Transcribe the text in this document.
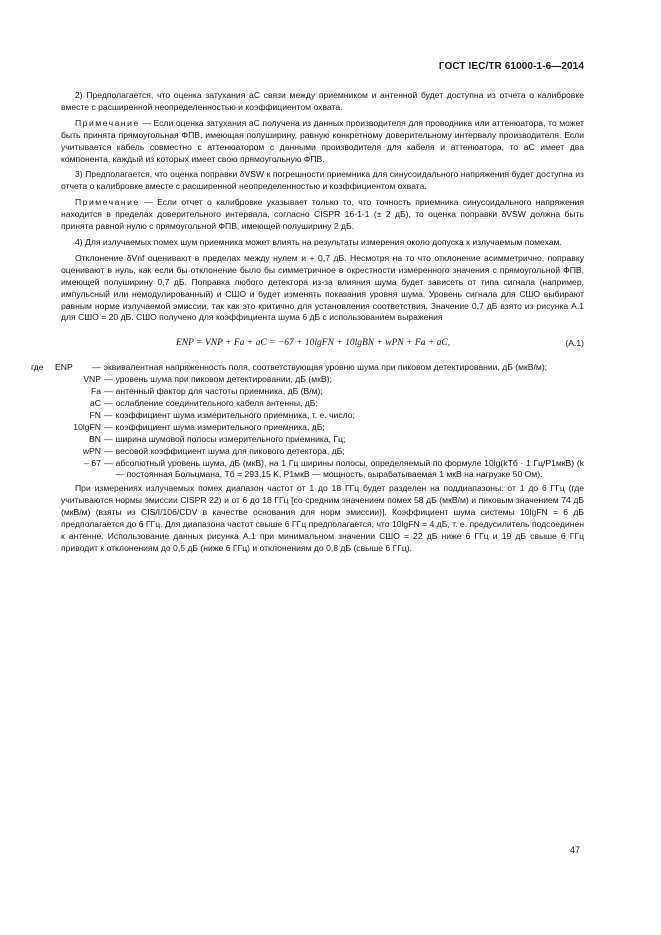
ГОСТ IEC/TR 61000-1-6—2014

2) Предполагается, что оценка затухания aC связи между приемником и антенной будет доступна из отчета о калибровке вместе с расширенной неопределенностью и коэффициентом охвата.

Примечание — Если оценка затухания aC получена из данных производителя для проводника или аттенюатора, то может быть принята прямоугольная ФПВ, имеющая полуширину, равную конкретному доверительному интервалу производителя. Если учитывается кабель совместно с аттенюатором с данными производителя для кабеля и аттенюатора, то aC имеет два компонента, каждый из которых имеет свою прямоугольную ФПВ.

3) Предполагается, что оценка поправки δVSW к погрешности приемника для синусоидального напряжения будет доступна из отчета о калибровке вместе с расширенной неопределенностью и коэффициентом охвата.

Примечание — Если отчет о калибровке указывает только то, что точность приемника синусоидального напряжения находится в пределах доверительного интервала, согласно CISPR 16-1-1 (± 2 дБ), то оценка поправки δVSW должна быть принята равной нулю с прямоугольной ФПВ, имеющей полуширину 2 дБ.

4) Для излучаемых помех шум приемника может влиять на результаты измерения около допуска к излучаемым помехам.

Отклонение δVnf оценивают в пределах между нулем и + 0,7 дБ. Несмотря на то что отклонение асимметрично, поправку оценивают в нуль, как если бы отклонение было бы симметричное в окрестности измеренного значения с прямоугольной ФПВ, имеющей полуширину 0,7 дБ. Поправка любого детектора из-за влияния шума будет зависеть от типа сигнала (например, импульсный или немодулированный) и СШО и будет изменять показания уровня шума. Уровень сигнала для СШО выбирают равным норме излучаемой эмиссии, так как это критично для установления соответствия. Значение 0,7 дБ взято из рисунка А.1 для СШО = 20 дБ. СШО получено для коэффициента шума 6 дБ с использованием выражения

ENP = VNP + Fa + aC = −67 + 10lgFN + 10lgBN + wPN + Fa + aC,	(А.1)
где	ENP	— эквивалентная напряженность поля, соответствующая уровню шума при пиковом детектировании, дБ (мкВ/м);
VNP — уровень шума при пиковом детектировании, дБ (мкВ);
Fa — антенный фактор для частоты приемника, дБ (В/м);
aC — ослабление соединительного кабеля антенны, дБ;
FN — коэффициент шума измерительного приемника, т. е. число;
10lgFN — коэффициент шума измерительного приемника, дБ;
BN — ширина шумовой полосы измерительного приемника, Гц;
wPN — весовой коэффициент шума для пикового детектора, дБ;
– 67 — абсолютный уровень шума, дБ (мкВ), на 1 Гц ширины полосы, определяемый по формуле 10lg(kTб · 1 Гц/P1мкВ) (k — постоянная Больцмана, Tб = 293,15 K, P1мкВ — мощность, вырабатываемая 1 мкВ на нагрузке 50 Ом).

При измерениях излучаемых помех диапазон частот от 1 до 18 ГГц будет разделен на поддиапазоны: от 1 до 6 ГГц (где учитываются нормы эмиссии CISPR 22) и от 6 до 18 ГГц [со средним значением помех 58 дБ (мкВ/м) и пиковым значением 74 дБ (мкВ/м) (взяты из CIS/I/106/CDV в качестве основания для норм эмиссии)]. Коэффициент шума системы 10lgFN = 6 дБ предполагается до 6 ГГц. Для диапазона частот свыше 6 ГГц предполагается, что 10lgFN = 4 дБ, т. е. предусилитель подсоединен к антенне. Использование данных рисунка А.1 при минимальном значении СШО = 22 дБ ниже 6 ГГц и 19 дБ свыше 6 ГГц приводит к отклонениям до 0,5 дБ (ниже 6 ГГц) и отклонениям до 0,8 дБ (свыше 6 ГГц).

47
